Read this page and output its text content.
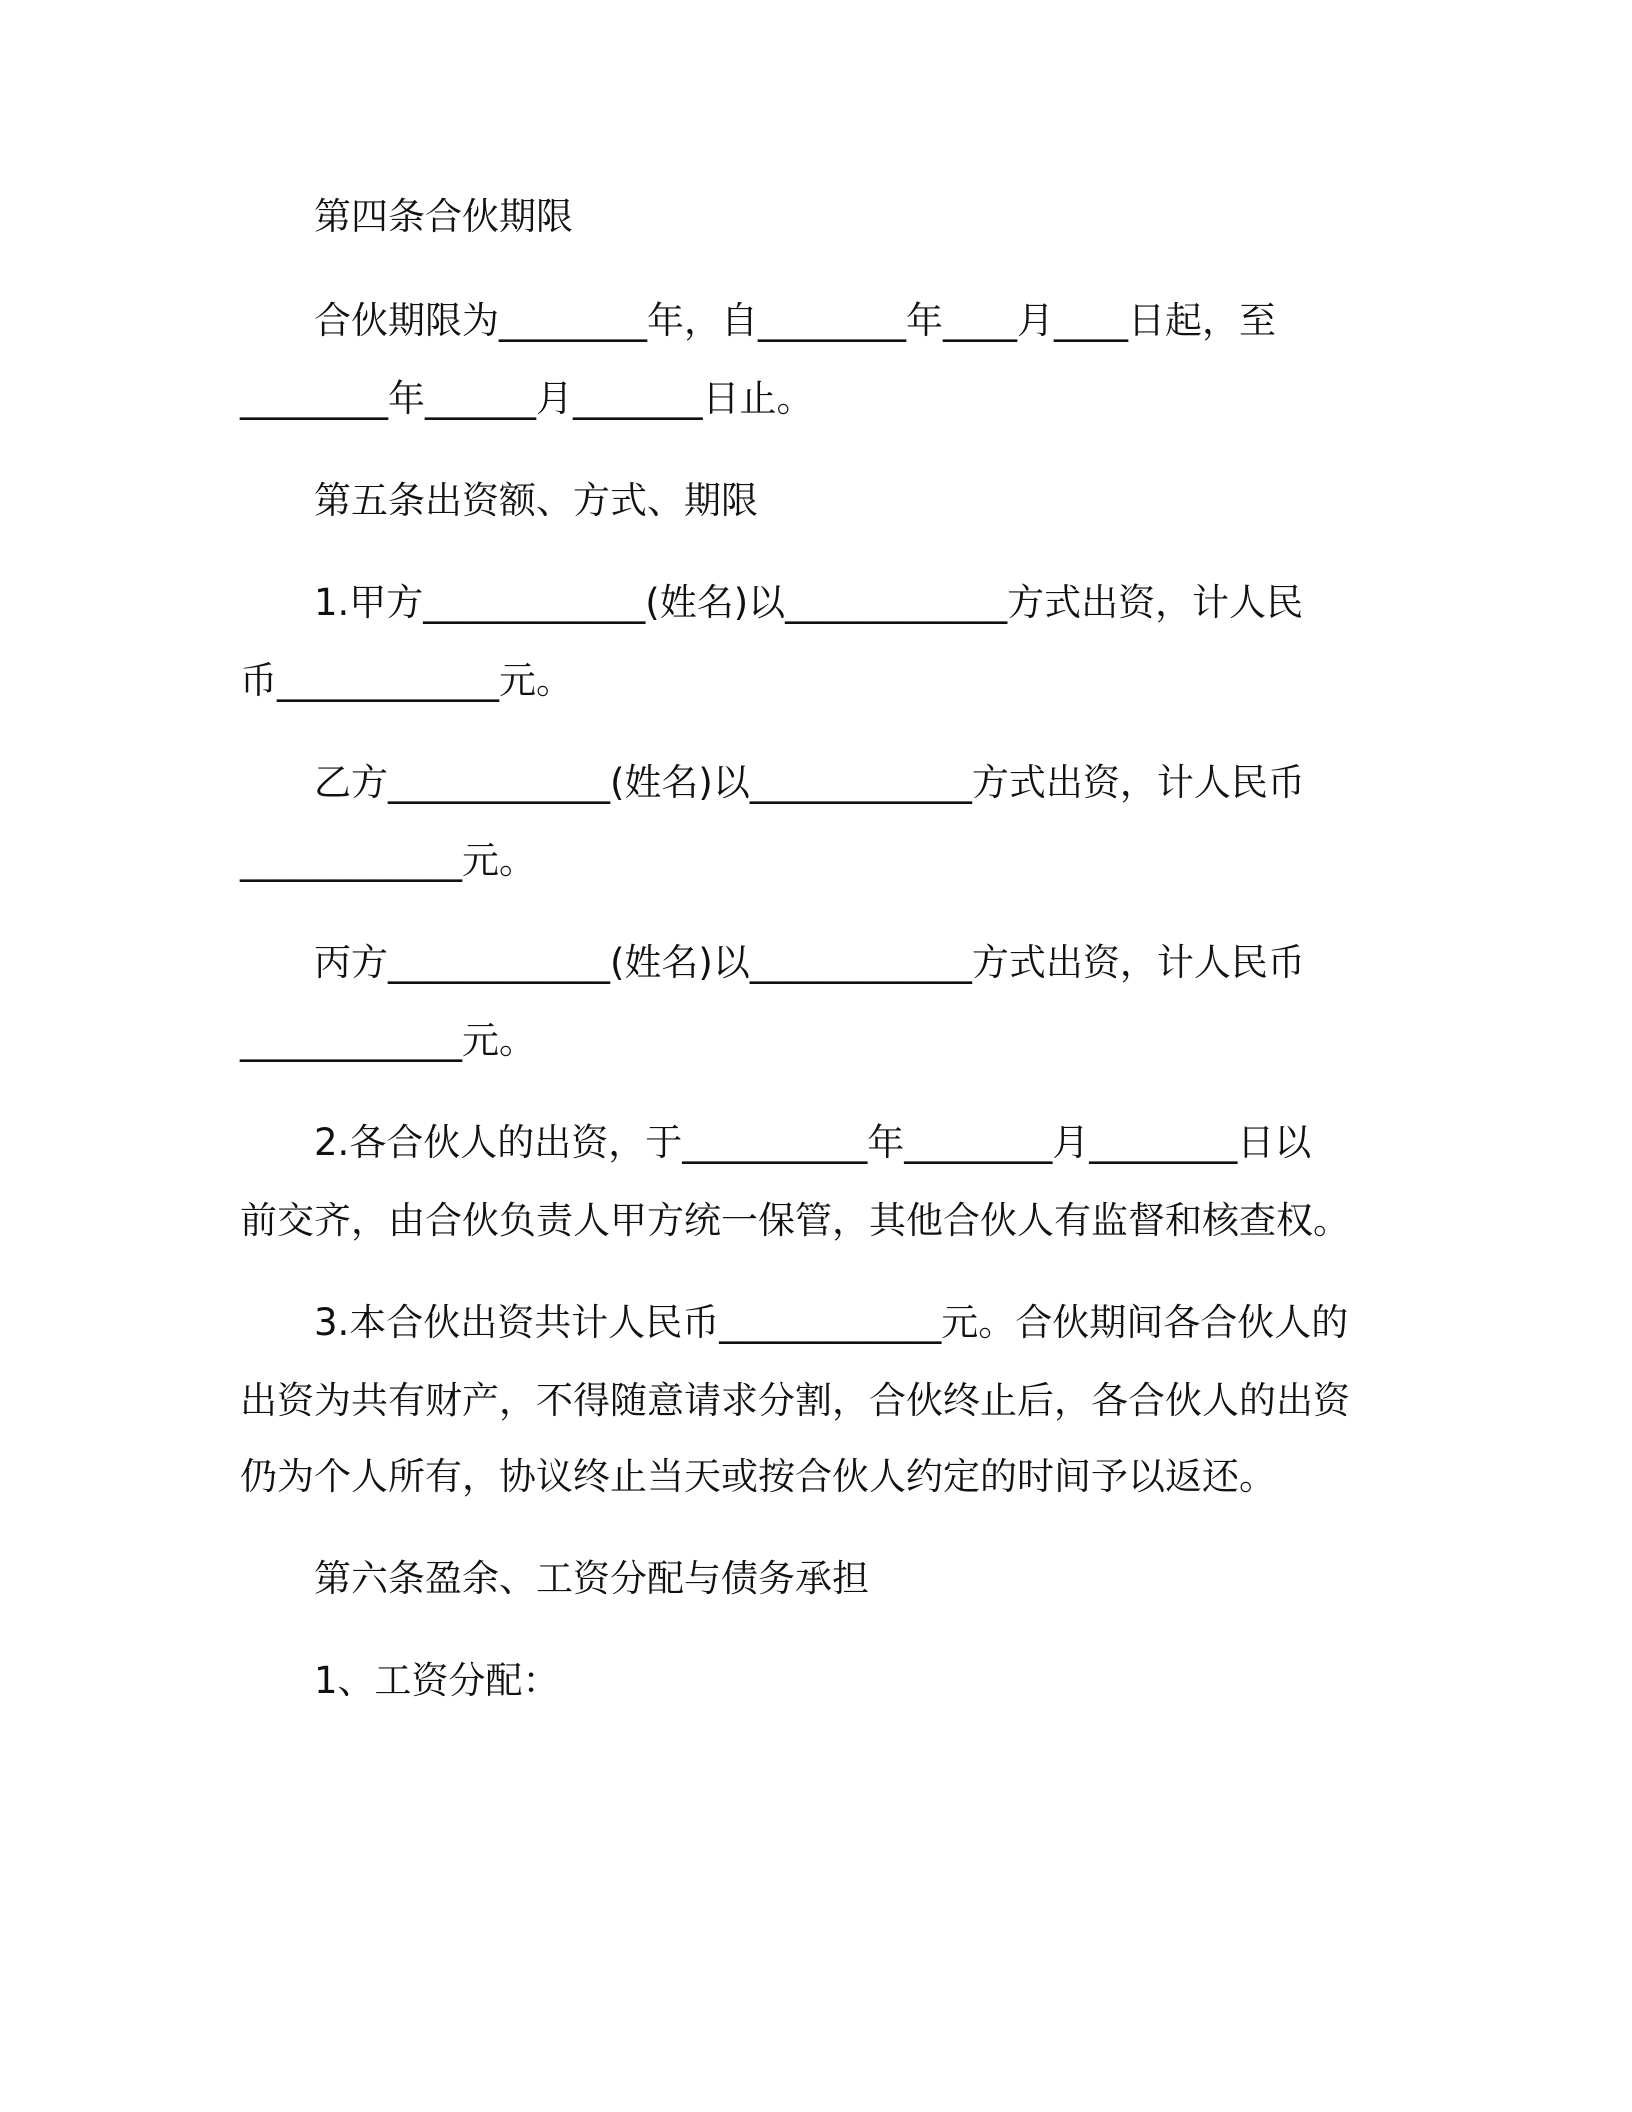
第四条合伙期限
合伙期限为________年，自________年____月____日起，至
________年______月_______日止。
第五条出资额、方式、期限
1.甲方____________(姓名)以____________方式出资，计人民
币____________元。
乙方____________(姓名)以____________方式出资，计人民币
____________元。
丙方____________(姓名)以____________方式出资，计人民币
____________元。
2.各合伙人的出资，于__________年________月________日以
前交齐，由合伙负责人甲方统一保管，其他合伙人有监督和核查权。
3.本合伙出资共计人民币____________元。合伙期间各合伙人的
出资为共有财产，不得随意请求分割，合伙终止后，各合伙人的出资
仍为个人所有，协议终止当天或按合伙人约定的时间予以返还。
第六条盈余、工资分配与债务承担
1、工资分配：
